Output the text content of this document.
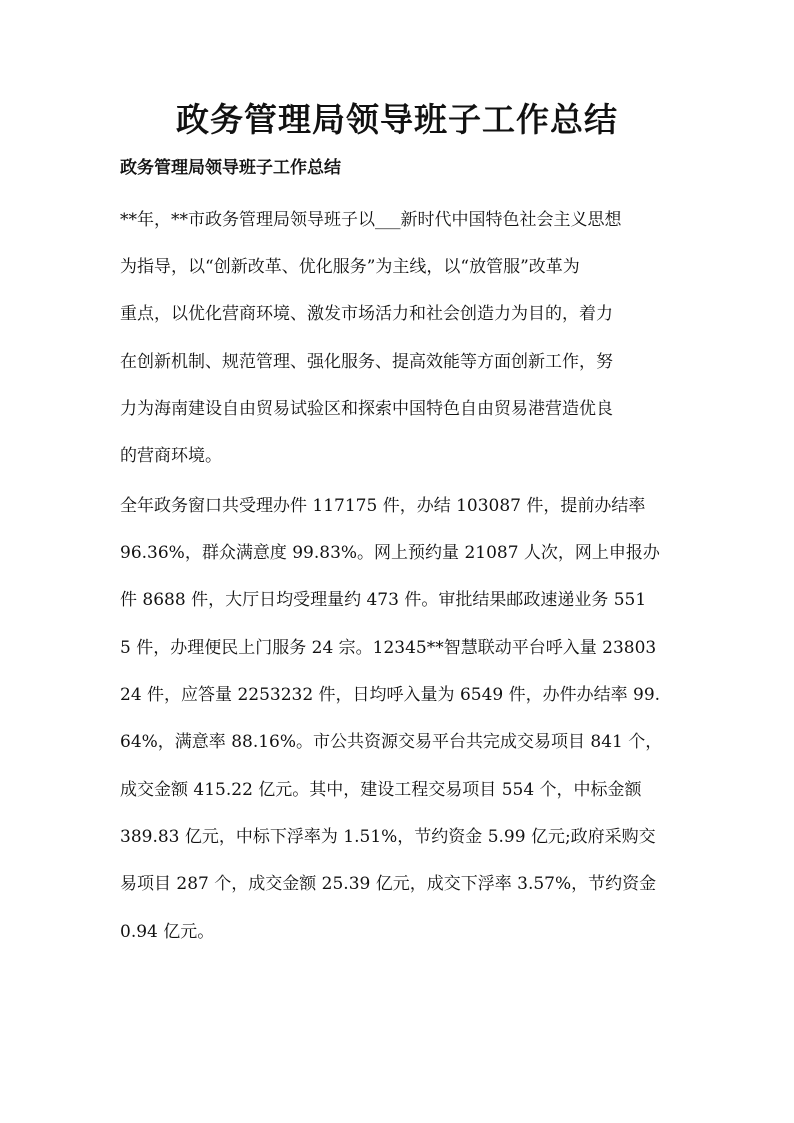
政务管理局领导班子工作总结

政务管理局领导班子工作总结

**年，**市政务管理局领导班子以___新时代中国特色社会主义思想

为指导，以“创新改革、优化服务”为主线，以“放管服”改革为

重点，以优化营商环境、激发市场活力和社会创造力为目的，着力

在创新机制、规范管理、强化服务、提高效能等方面创新工作，努

力为海南建设自由贸易试验区和探索中国特色自由贸易港营造优良

的营商环境。

全年政务窗口共受理办件 117175 件，办结 103087 件，提前办结率

96.36%，群众满意度 99.83%。网上预约量 21087 人次，网上申报办

件 8688 件，大厅日均受理量约 473 件。审批结果邮政速递业务 551

5 件，办理便民上门服务 24 宗。12345**智慧联动平台呼入量 23803

24 件，应答量 2253232 件，日均呼入量为 6549 件，办件办结率 99.

64%，满意率 88.16%。市公共资源交易平台共完成交易项目 841 个，

成交金额 415.22 亿元。其中，建设工程交易项目 554 个，中标金额

389.83 亿元，中标下浮率为 1.51%，节约资金 5.99 亿元;政府采购交

易项目 287 个，成交金额 25.39 亿元，成交下浮率 3.57%，节约资金

0.94 亿元。
